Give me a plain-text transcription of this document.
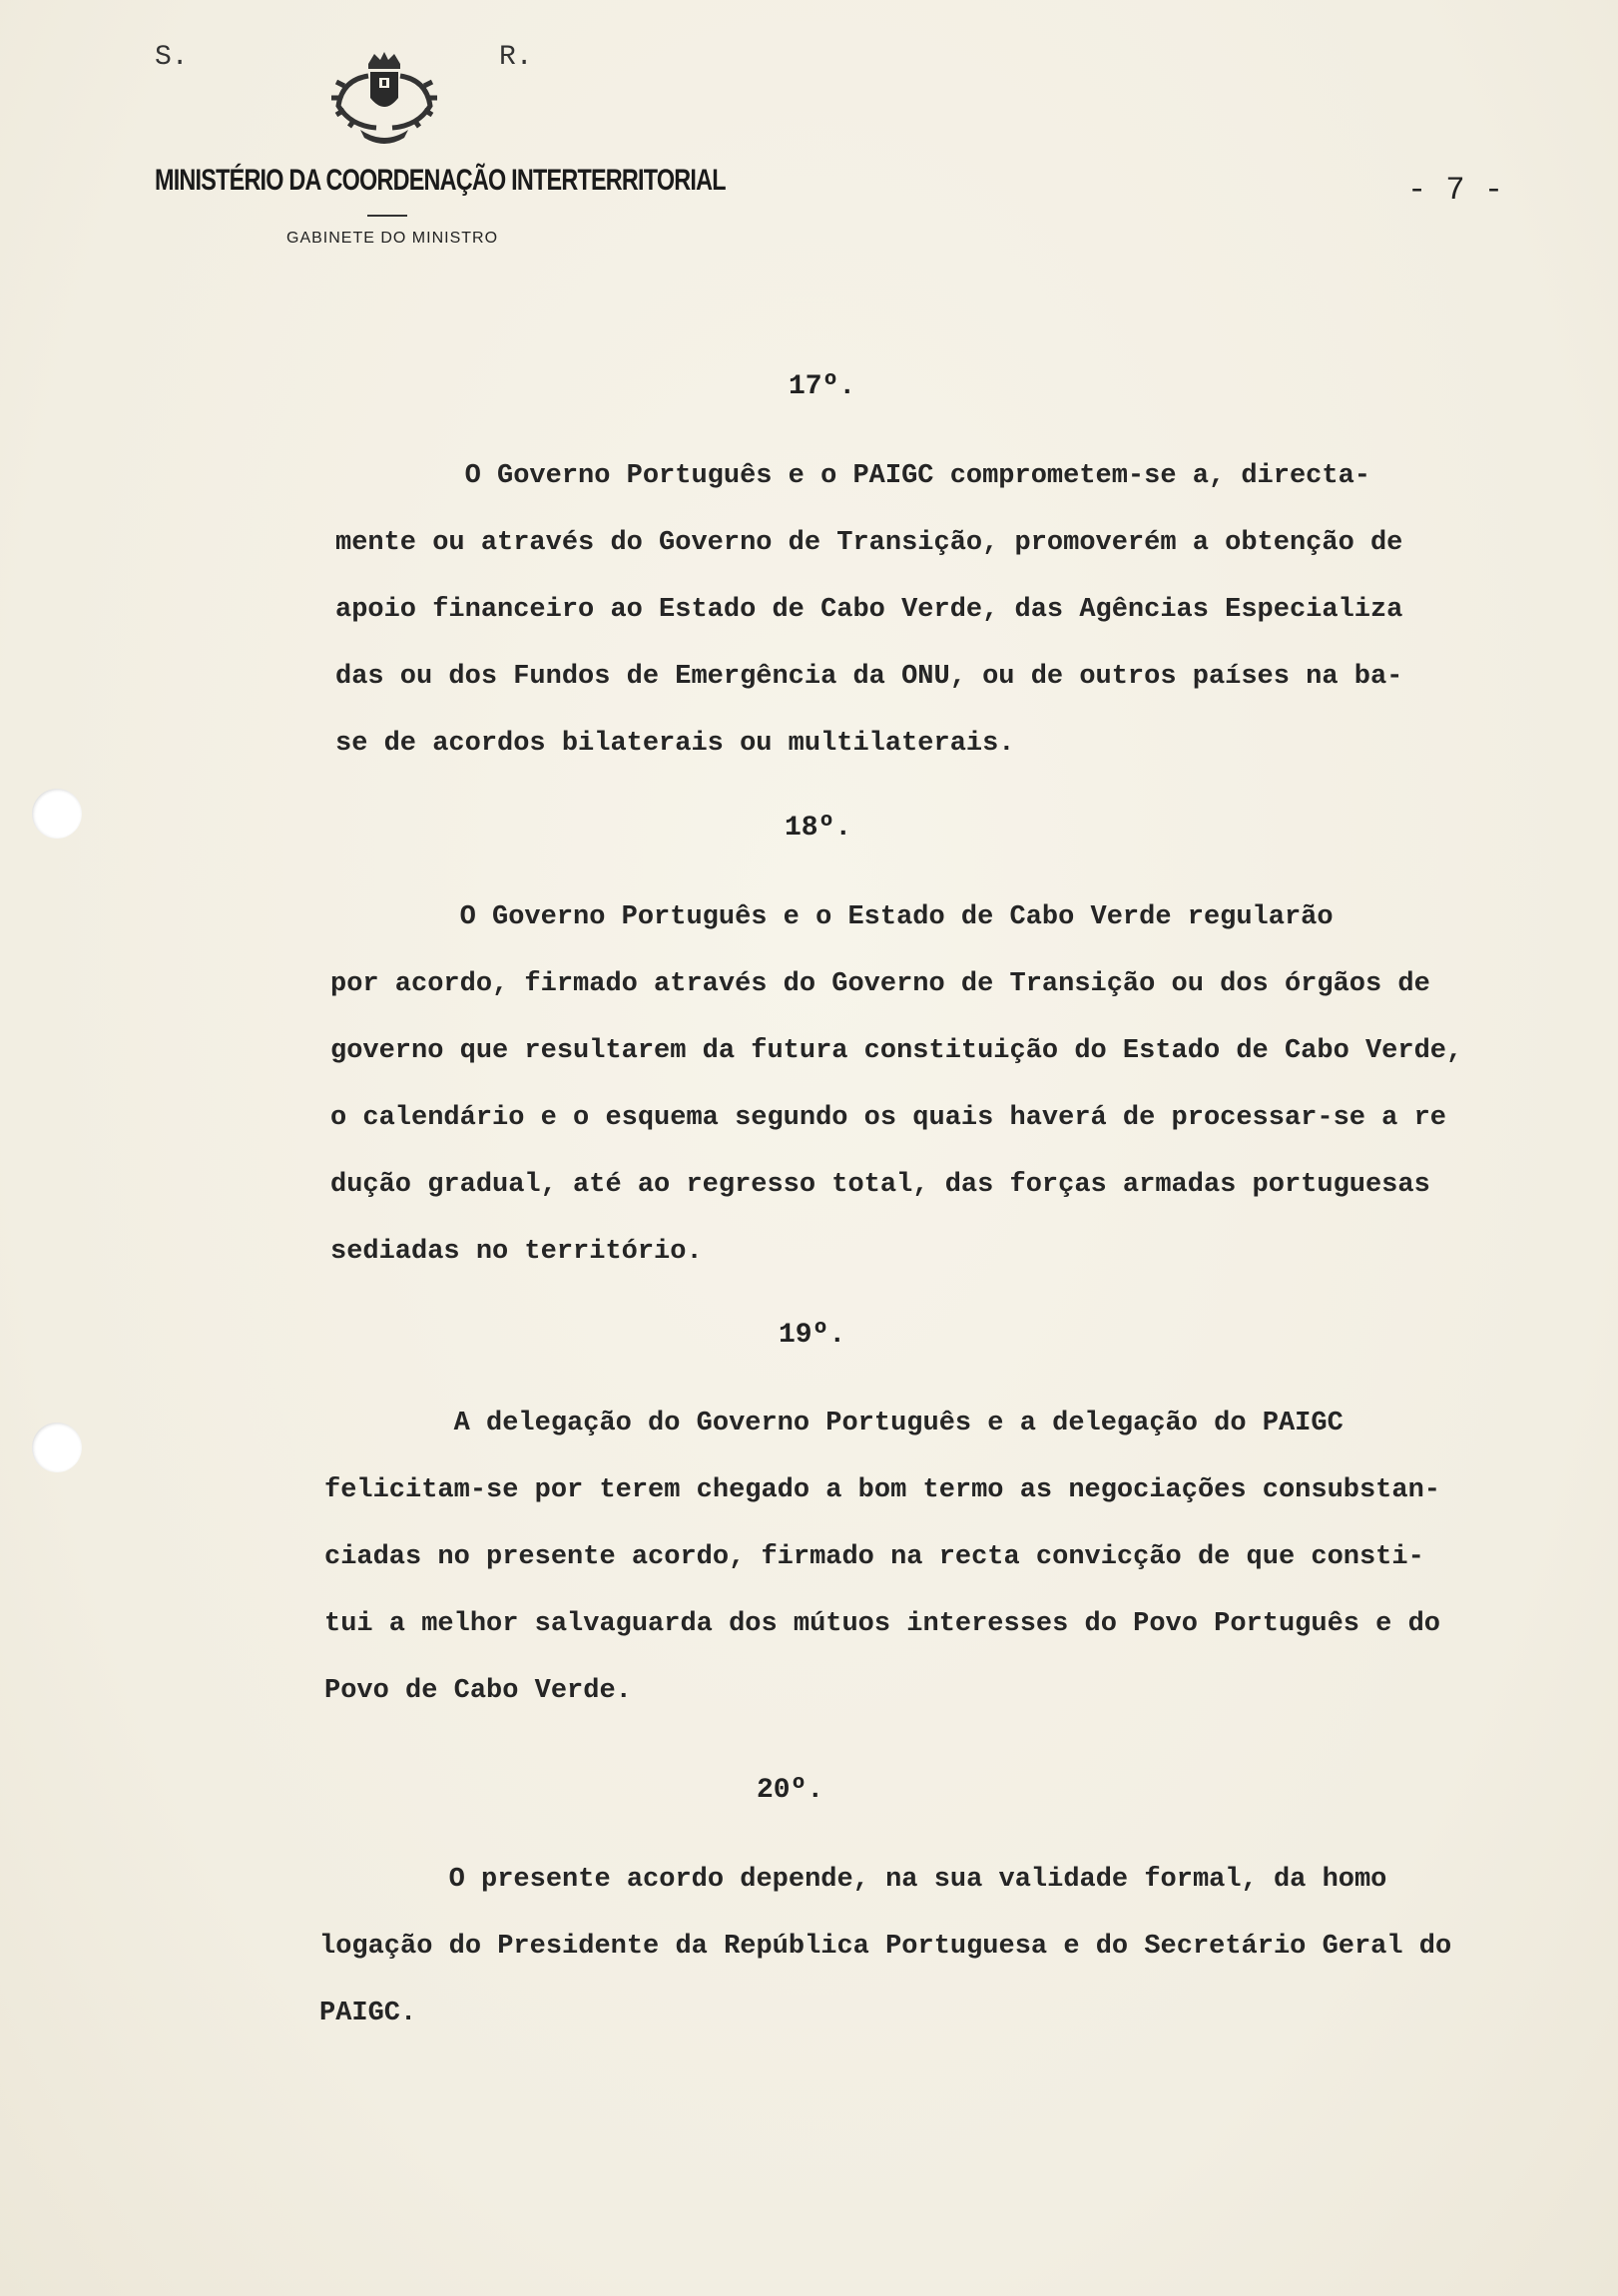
S.	R.
MINISTÉRIO DA COORDENAÇÃO INTERTERRITORIAL
GABINETE DO MINISTRO
- 7 -
17º.
O Governo Português e o PAIGC comprometem-se a, directa-
mente ou através do Governo de Transição, promoverém a obtenção de
apoio financeiro ao Estado de Cabo Verde, das Agências Especializa
das ou dos Fundos de Emergência da ONU, ou de outros países na ba-
se de acordos bilaterais ou multilaterais.
18º.
O Governo Português e o Estado de Cabo Verde regularão
por acordo, firmado através do Governo de Transição ou dos órgãos de
governo que resultarem da futura constituição do Estado de Cabo Verde,
o calendário e o esquema segundo os quais haverá de processar-se a re
dução gradual, até ao regresso total, das forças armadas portuguesas
sediadas no território.
19º.
A delegação do Governo Português e a delegação do PAIGC
felicitam-se por terem chegado a bom termo as negociações consubstan-
ciadas no presente acordo, firmado na recta convicção de que consti-
tui a melhor salvaguarda dos mútuos interesses do Povo Português e do
Povo de Cabo Verde.
20º.
O presente acordo depende, na sua validade formal, da homo
logação do Presidente da República Portuguesa e do Secretário Geral do
PAIGC.
